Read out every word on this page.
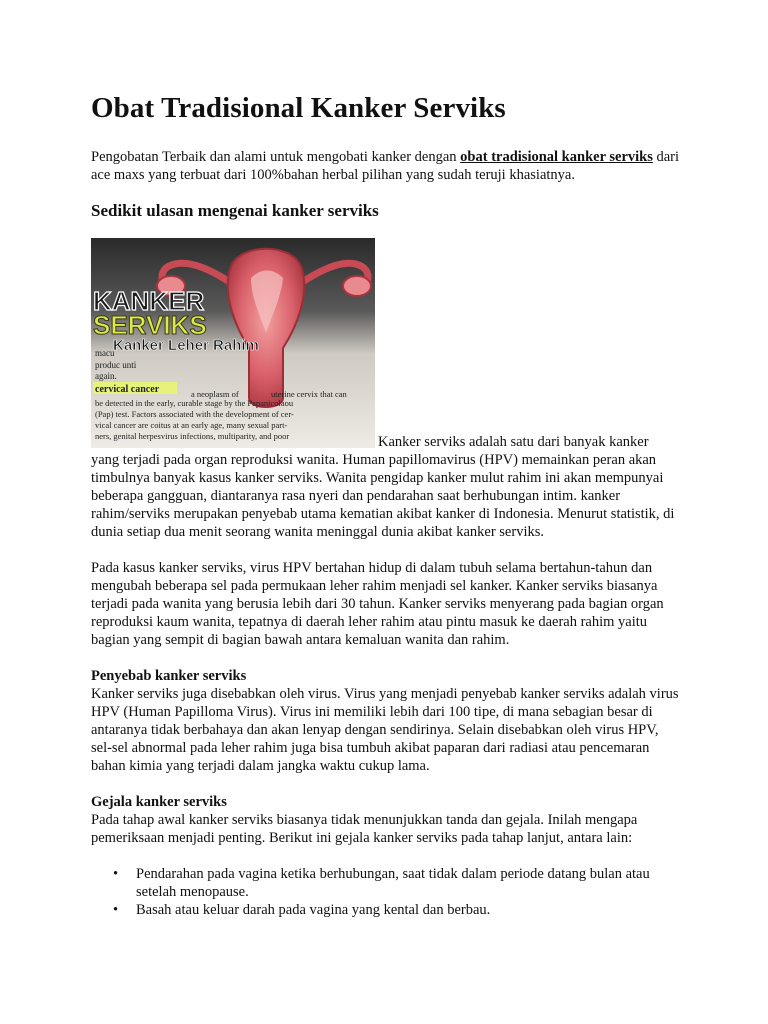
Obat Tradisional Kanker Serviks

Pengobatan Terbaik dan alami untuk mengobati kanker dengan obat tradisional kanker serviks dari ace maxs yang terbuat dari 100%bahan herbal pilihan yang sudah teruji khasiatnya.

Sedikit ulasan mengenai kanker serviks
macu
produc unti
again.
cervical cancer	a neoplasm of
be detected in the early, curable stage by the Papanicolaou
(Pap) test. Factors associated with the development of cer-
vical cancer are coitus at an early age, many sexual part-
ners, genital herpesvirus infections, multiparity, and poor
uterine cervix that can
KANKER
SERVIKS
Kanker Leher Rahim

Kanker serviks adalah satu dari banyak kanker

yang terjadi pada organ reproduksi wanita. Human papillomavirus (HPV) memainkan peran akan timbulnya banyak kasus kanker serviks. Wanita pengidap kanker mulut rahim ini akan mempunyai beberapa gangguan, diantaranya rasa nyeri dan pendarahan saat berhubungan intim. kanker rahim/serviks merupakan penyebab utama kematian akibat kanker di Indonesia. Menurut statistik, di dunia setiap dua menit seorang wanita meninggal dunia akibat kanker serviks.

Pada kasus kanker serviks, virus HPV bertahan hidup di dalam tubuh selama bertahun-tahun dan mengubah beberapa sel pada permukaan leher rahim menjadi sel kanker. Kanker serviks biasanya terjadi pada wanita yang berusia lebih dari 30 tahun. Kanker serviks menyerang pada bagian organ reproduksi kaum wanita, tepatnya di daerah leher rahim atau pintu masuk ke daerah rahim yaitu bagian yang sempit di bagian bawah antara kemaluan wanita dan rahim.

Penyebab kanker serviks

Kanker serviks juga disebabkan oleh virus. Virus yang menjadi penyebab kanker serviks adalah virus HPV (Human Papilloma Virus). Virus ini memiliki lebih dari 100 tipe, di mana sebagian besar di antaranya tidak berbahaya dan akan lenyap dengan sendirinya. Selain disebabkan oleh virus HPV, sel-sel abnormal pada leher rahim juga bisa tumbuh akibat paparan dari radiasi atau pencemaran bahan kimia yang terjadi dalam jangka waktu cukup lama.

Gejala kanker serviks

Pada tahap awal kanker serviks biasanya tidak menunjukkan tanda dan gejala. Inilah mengapa pemeriksaan menjadi penting. Berikut ini gejala kanker serviks pada tahap lanjut, antara lain:

• Pendarahan pada vagina ketika berhubungan, saat tidak dalam periode datang bulan atau setelah menopause.
• Basah atau keluar darah pada vagina yang kental dan berbau.
